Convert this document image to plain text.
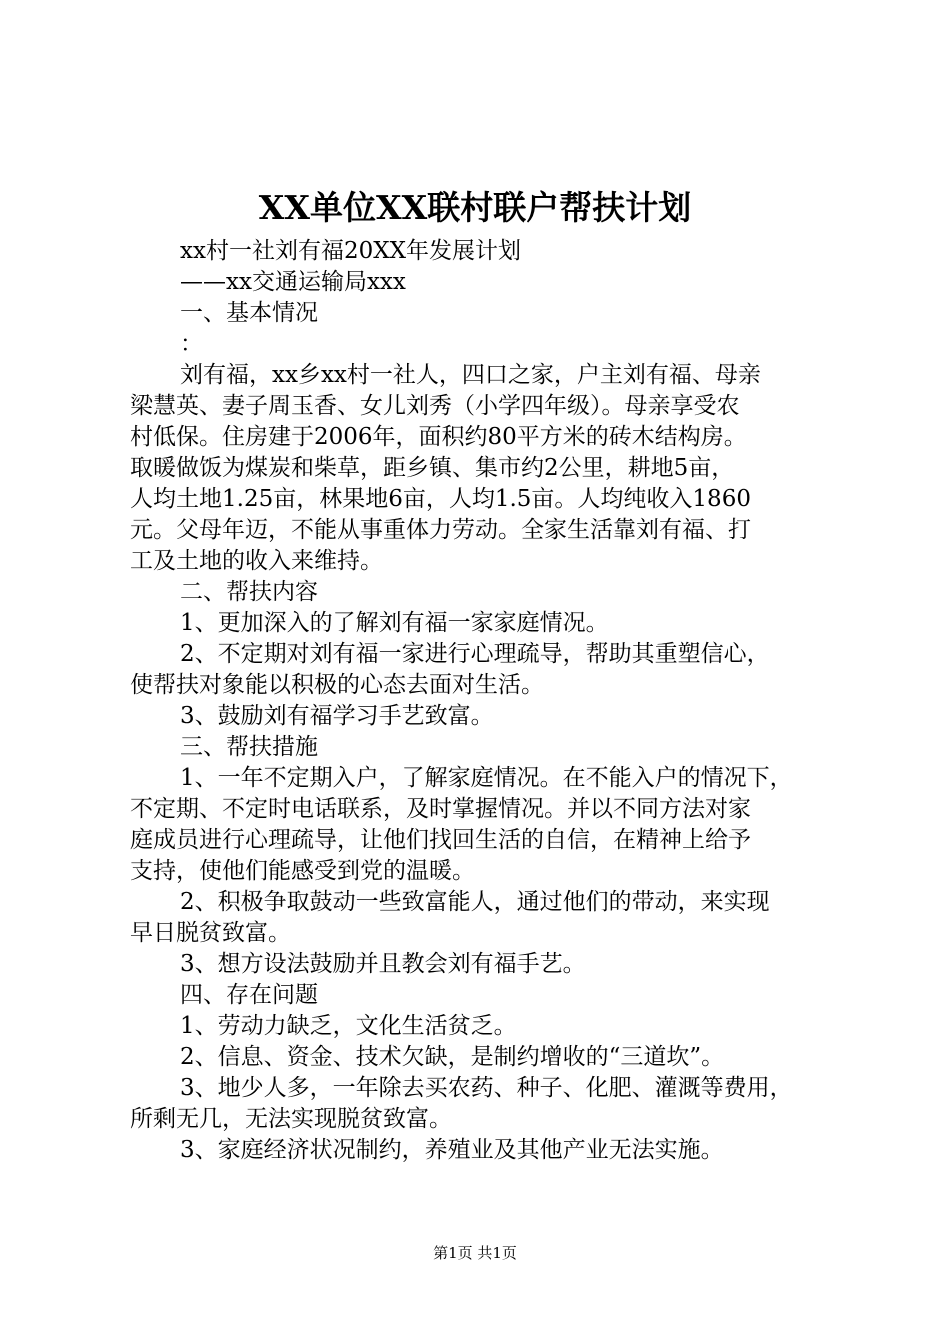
XX单位XX联村联户帮扶计划
xx村一社刘有福20XX年发展计划
——xx交通运输局xxx
一、基本情况
：
刘有福，xx乡xx村一社人，四口之家，户主刘有福、母亲
梁慧英、妻子周玉香、女儿刘秀（小学四年级）。母亲享受农
村低保。住房建于2006年，面积约80平方米的砖木结构房。
取暖做饭为煤炭和柴草，距乡镇、集市约2公里，耕地5亩，
人均土地1.25亩，林果地6亩，人均1.5亩。人均纯收入1860
元。父母年迈，不能从事重体力劳动。全家生活靠刘有福、打
工及土地的收入来维持。
二、帮扶内容
1、更加深入的了解刘有福一家家庭情况。
2、不定期对刘有福一家进行心理疏导，帮助其重塑信心，
使帮扶对象能以积极的心态去面对生活。
3、鼓励刘有福学习手艺致富。
三、帮扶措施
1、一年不定期入户，了解家庭情况。在不能入户的情况下，
不定期、不定时电话联系，及时掌握情况。并以不同方法对家
庭成员进行心理疏导，让他们找回生活的自信，在精神上给予
支持，使他们能感受到党的温暖。
2、积极争取鼓动一些致富能人，通过他们的带动，来实现
早日脱贫致富。
3、想方设法鼓励并且教会刘有福手艺。
四、存在问题
1、劳动力缺乏，文化生活贫乏。
2、信息、资金、技术欠缺，是制约增收的“三道坎”。
3、地少人多，一年除去买农药、种子、化肥、灌溉等费用，
所剩无几，无法实现脱贫致富。
3、家庭经济状况制约，养殖业及其他产业无法实施。
第1页 共1页
